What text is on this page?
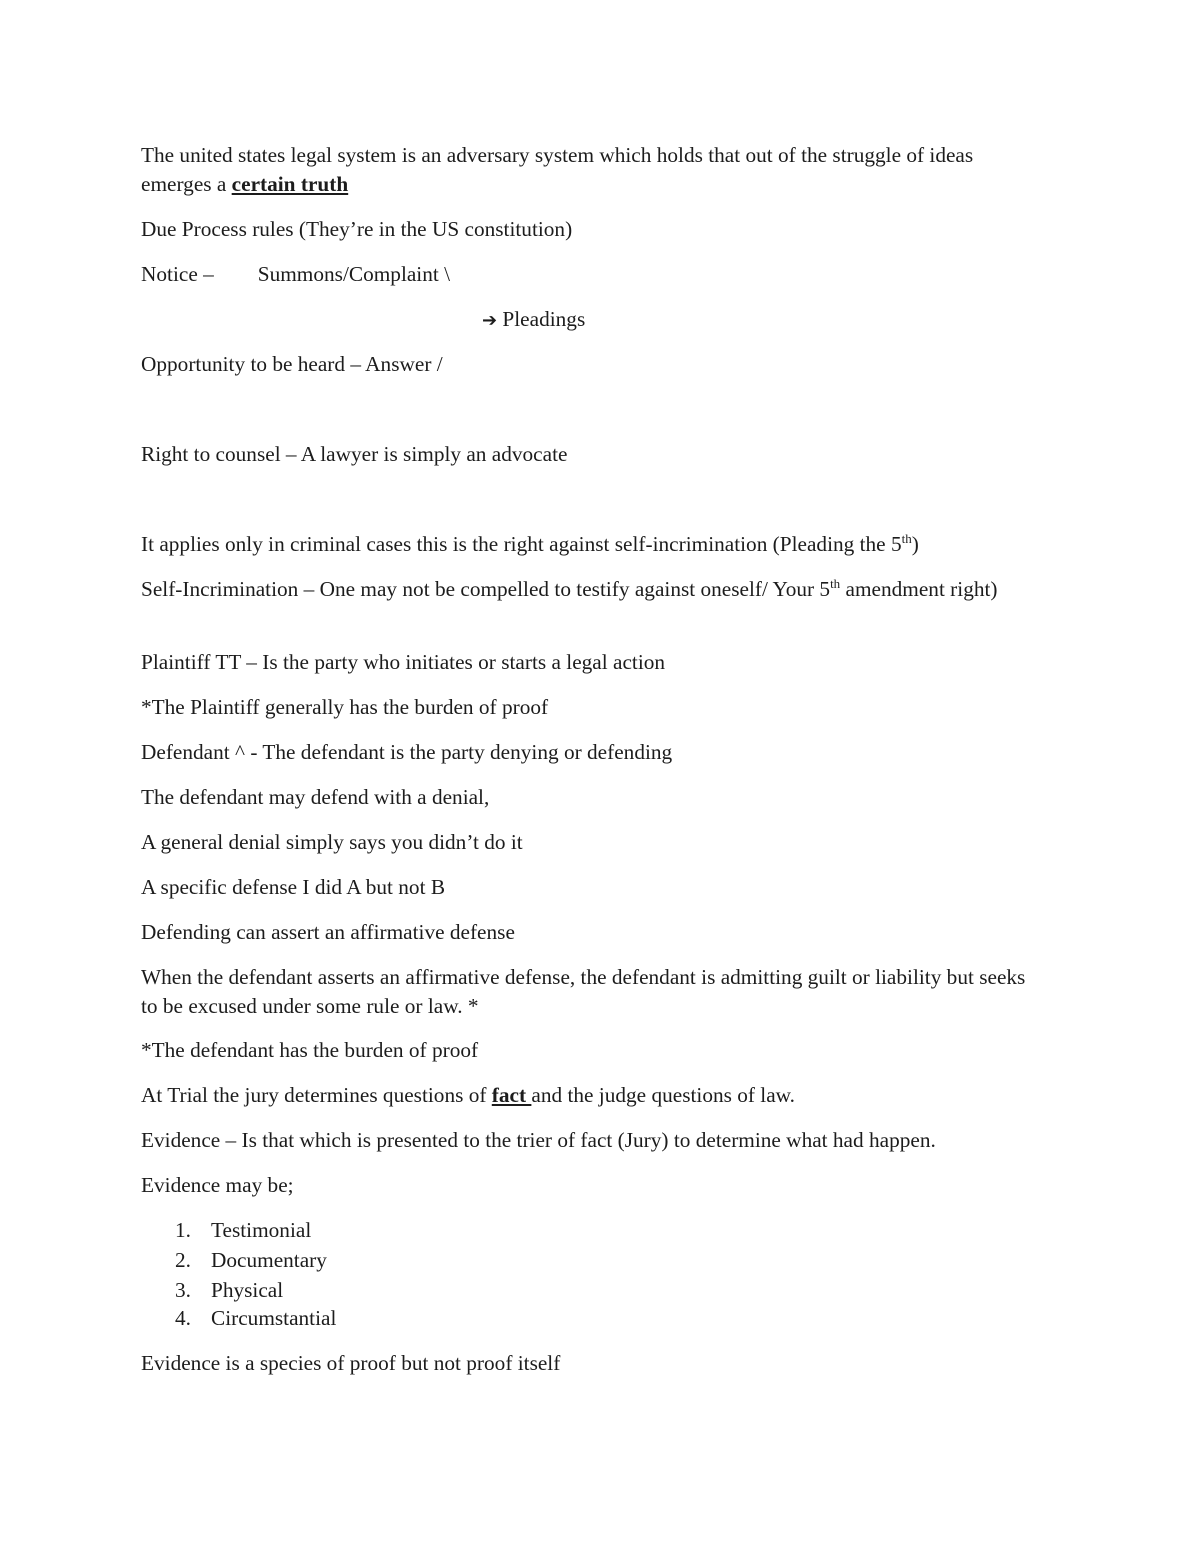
The united states legal system is an adversary system which holds that out of the struggle of ideas emerges a certain truth

Due Process rules (They’re in the US constitution)

Notice – Summons/Complaint \

➔ Pleadings

Opportunity to be heard – Answer /

Right to counsel – A lawyer is simply an advocate

It applies only in criminal cases this is the right against self-incrimination (Pleading the 5th)

Self-Incrimination – One may not be compelled to testify against oneself/ Your 5th amendment right)

Plaintiff TT – Is the party who initiates or starts a legal action

*The Plaintiff generally has the burden of proof

Defendant ^ - The defendant is the party denying or defending

The defendant may defend with a denial,

A general denial simply says you didn’t do it

A specific defense I did A but not B

Defending can assert an affirmative defense

When the defendant asserts an affirmative defense, the defendant is admitting guilt or liability but seeks to be excused under some rule or law. *

*The defendant has the burden of proof

At Trial the jury determines questions of fact and the judge questions of law.

Evidence – Is that which is presented to the trier of fact (Jury) to determine what had happen.

Evidence may be;

1. Testimonial
2. Documentary
3. Physical
4. Circumstantial

Evidence is a species of proof but not proof itself
